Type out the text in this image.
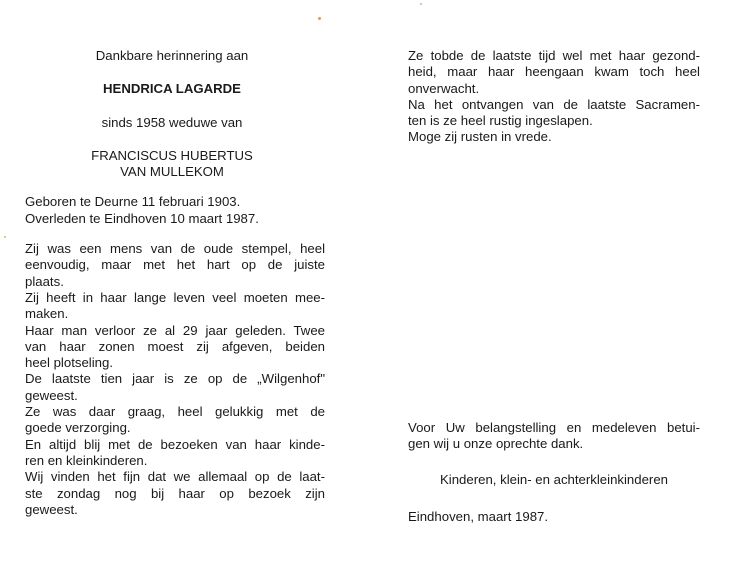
Dankbare herinnering aan
HENDRICA LAGARDE
sinds 1958 weduwe van
FRANCISCUS HUBERTUS
VAN MULLEKOM
Geboren te Deurne 11 februari 1903.
Overleden te Eindhoven 10 maart 1987.
Zij was een mens van de oude stempel, heel
eenvoudig, maar met het hart op de juiste
plaats.
Zij heeft in haar lange leven veel moeten mee-
maken.
Haar man verloor ze al 29 jaar geleden. Twee
van haar zonen moest zij afgeven, beiden
heel plotseling.
De laatste tien jaar is ze op de „Wilgenhof"
geweest.
Ze was daar graag, heel gelukkig met de
goede verzorging.
En altijd blij met de bezoeken van haar kinde-
ren en kleinkinderen.
Wij vinden het fijn dat we allemaal op de laat-
ste zondag nog bij haar op bezoek zijn
geweest.
Ze tobde de laatste tijd wel met haar gezond-
heid, maar haar heengaan kwam toch heel
onverwacht.
Na het ontvangen van de laatste Sacramen-
ten is ze heel rustig ingeslapen.
Moge zij rusten in vrede.
Voor Uw belangstelling en medeleven betui-
gen wij u onze oprechte dank.
Kinderen, klein- en achterkleinkinderen
Eindhoven, maart 1987.
